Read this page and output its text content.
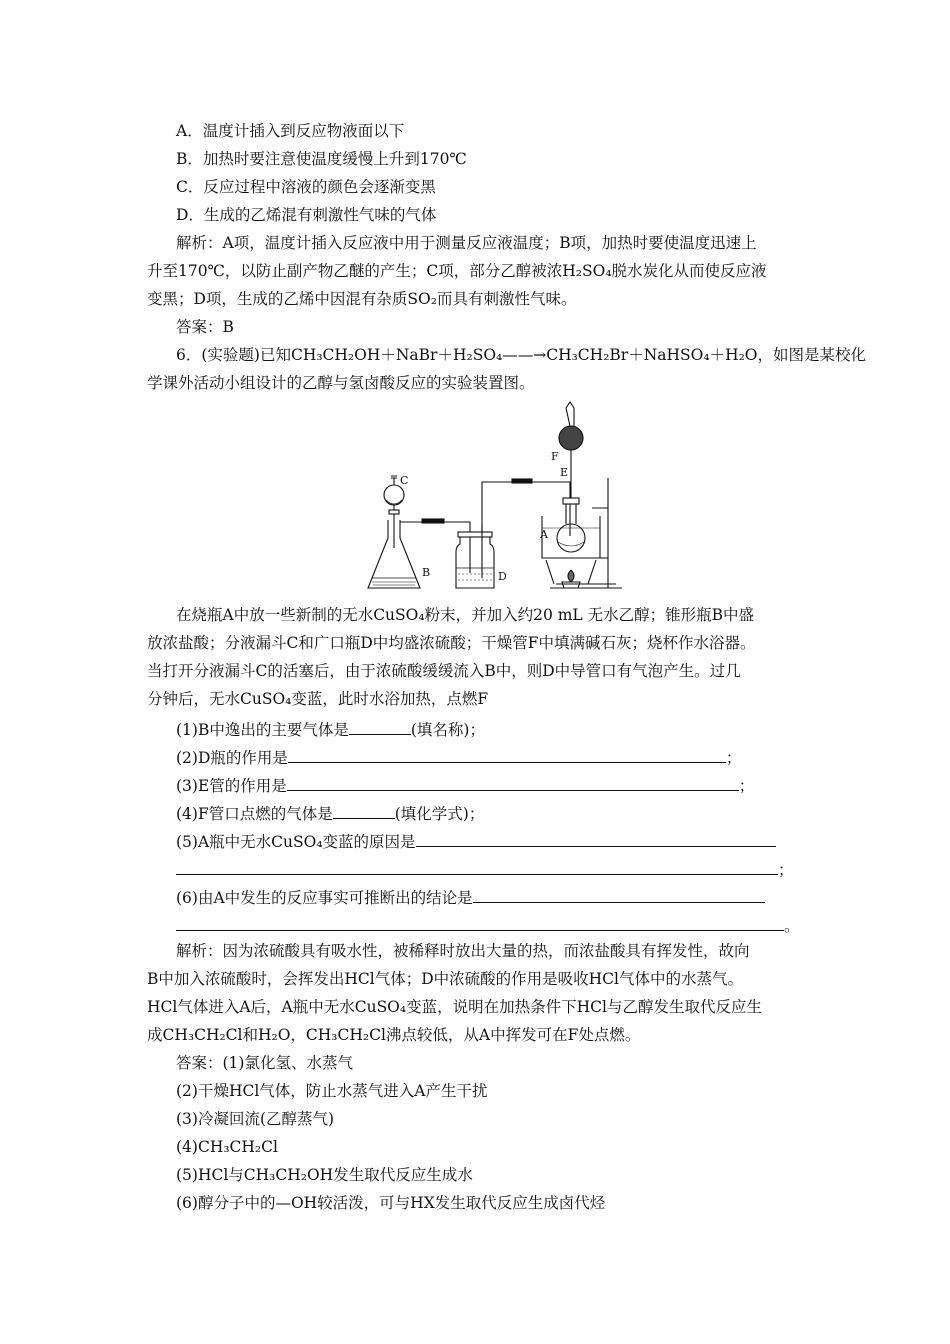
A．温度计插入到反应物液面以下
B．加热时要注意使温度缓慢上升到170℃
C．反应过程中溶液的颜色会逐渐变黑
D．生成的乙烯混有刺激性气味的气体
解析：A项，温度计插入反应液中用于测量反应液温度；B项，加热时要使温度迅速上
升至170℃，以防止副产物乙醚的产生；C项，部分乙醇被浓H₂SO₄脱水炭化从而使反应液
变黑；D项，生成的乙烯中因混有杂质SO₂而具有刺激性气味。
答案：B
6．(实验题)已知CH₃CH₂OH＋NaBr＋H₂SO₄——→CH₃CH₂Br＋NaHSO₄＋H₂O，如图是某校化
学课外活动小组设计的乙醇与氢卤酸反应的实验装置图。
F
E
C
A
B	D
在烧瓶A中放一些新制的无水CuSO₄粉末，并加入约20 mL 无水乙醇；锥形瓶B中盛
放浓盐酸；分液漏斗C和广口瓶D中均盛浓硫酸；干燥管F中填满碱石灰；烧杯作水浴器。
当打开分液漏斗C的活塞后，由于浓硫酸缓缓流入B中，则D中导管口有气泡产生。过几
分钟后，无水CuSO₄变蓝，此时水浴加热，点燃F
(1)B中逸出的主要气体是	(填名称)；
(2)D瓶的作用是	；
(3)E管的作用是	；
(4)F管口点燃的气体是	(填化学式)；
(5)A瓶中无水CuSO₄变蓝的原因是
；
(6)由A中发生的反应事实可推断出的结论是
。
解析：因为浓硫酸具有吸水性，被稀释时放出大量的热，而浓盐酸具有挥发性，故向
B中加入浓硫酸时，会挥发出HCl气体；D中浓硫酸的作用是吸收HCl气体中的水蒸气。
HCl气体进入A后，A瓶中无水CuSO₄变蓝，说明在加热条件下HCl与乙醇发生取代反应生
成CH₃CH₂Cl和H₂O，CH₃CH₂Cl沸点较低，从A中挥发可在F处点燃。
答案：(1)氯化氢、水蒸气
(2)干燥HCl气体，防止水蒸气进入A产生干扰
(3)冷凝回流(乙醇蒸气)
(4)CH₃CH₂Cl
(5)HCl与CH₃CH₂OH发生取代反应生成水
(6)醇分子中的—OH较活泼，可与HX发生取代反应生成卤代烃
